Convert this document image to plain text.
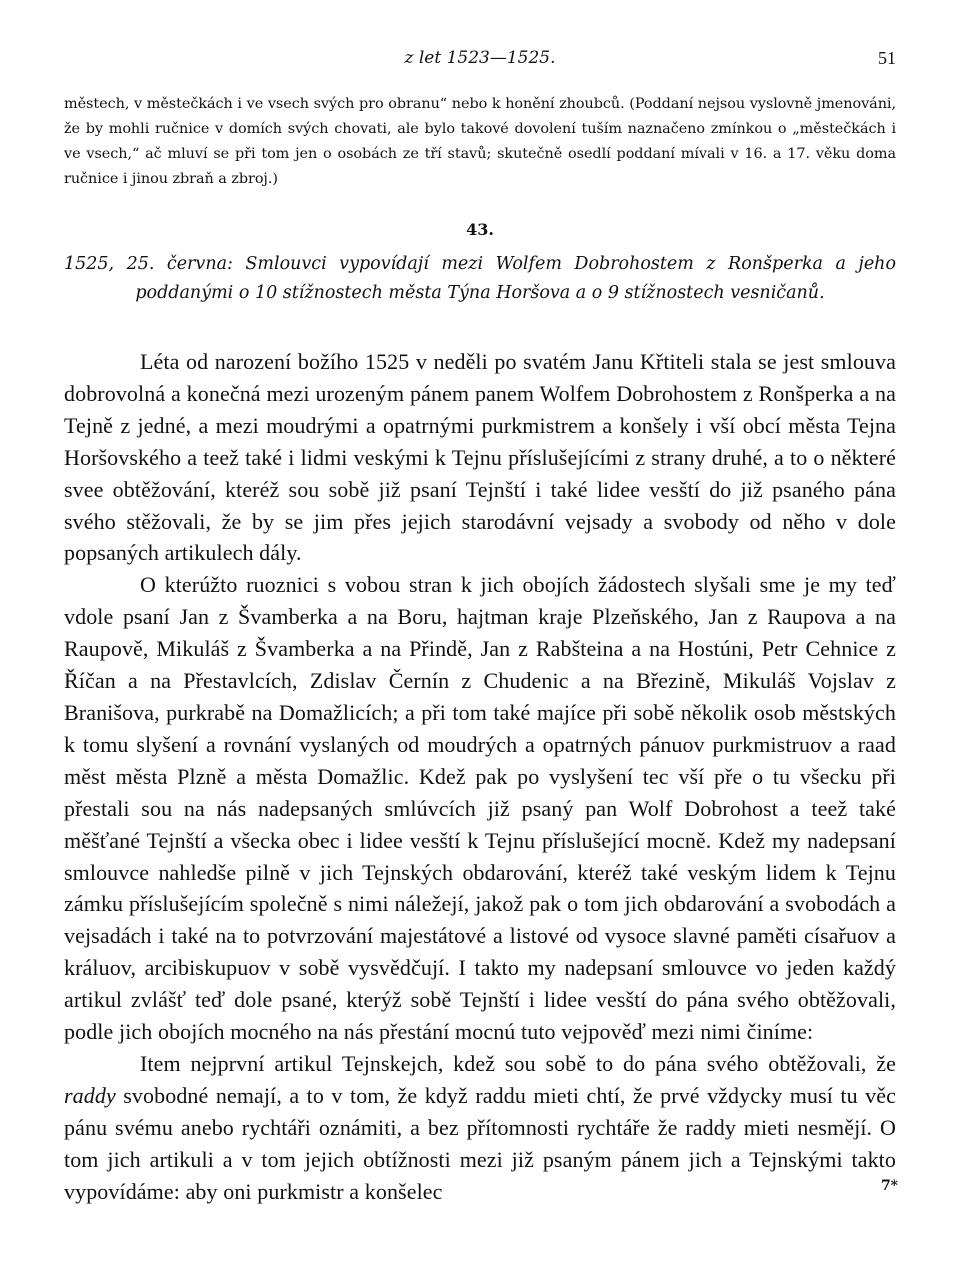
z let 1523—1525.	51
městech, v městečkách i ve vsech svých pro obranu“ nebo k honění zhoubců. (Poddaní nejsou vyslovně jmenováni, že by mohli ručnice v domích svých chovati, ale bylo takové dovolení tuším naznačeno zmínkou o „městečkách i ve vsech,“ ač mluví se při tom jen o osobách ze tří stavů; skutečně osedlí poddaní mívali v 16. a 17. věku doma ručnice i jinou zbraň a zbroj.)
43.
1525, 25. června: Smlouvci vypovídají mezi Wolfem Dobrohostem z Ronšperka a jeho poddanými o 10 stížnostech města Týna Horšova a o 9 stížnostech vesničanů.

Léta od narození božího 1525 v neděli po svatém Janu Křtiteli stala se jest smlouva dobrovolná a konečná mezi urozeným pánem panem Wolfem Dobrohostem z Ronšperka a na Tejně z jedné, a mezi moudrými a opatrnými purkmistrem a konšely i vší obcí města Tejna Horšovského a teež také i lidmi veskými k Tejnu příslušejícími z strany druhé, a to o některé svee obtěžování, kteréž sou sobě již psaní Tejnští i také lidee vesští do již psaného pána svého stěžovali, že by se jim přes jejich starodávní vejsady a svobody od něho v dole popsaných artikulech dály.

O kterúžto ruoznici s vobou stran k jich obojích žádostech slyšali sme je my teď vdole psaní Jan z Švamberka a na Boru, hajtman kraje Plzeňského, Jan z Raupova a na Raupově, Mikuláš z Švamberka a na Přindě, Jan z Rabšteina a na Hostúni, Petr Cehnice z Říčan a na Přestavlcích, Zdislav Černín z Chudenic a na Březině, Mikuláš Vojslav z Branišova, purkrabě na Domažlicích; a při tom také majíce při sobě několik osob městských k tomu slyšení a rovnání vyslaných od moudrých a opatrných pánuov purkmistruov a raad měst města Plzně a města Domažlic. Kdež pak po vyslyšení tec vší pře o tu všecku při přestali sou na nás nadepsaných smlúvcích již psaný pan Wolf Dobrohost a teež také měšťané Tejnští a všecka obec i lidee vesští k Tejnu příslušející mocně. Kdež my nadepsaní smlouvce nahledše pilně v jich Tejnských obdarování, kteréž také veským lidem k Tejnu zámku příslušejícím společně s nimi náležejí, jakož pak o tom jich obdarování a svobodách a vejsadách i také na to potvrzování majestátové a listové od vysoce slavné paměti císařuov a králuov, arcibiskupuov v sobě vysvědčují. I takto my nadepsaní smlouvce vo jeden každý artikul zvlášť teď dole psané, kterýž sobě Tejnští i lidee vesští do pána svého obtěžovali, podle jich obojích mocného na nás přestání mocnú tuto vejpověď mezi nimi činíme:

Item nejprvní artikul Tejnskejch, kdež sou sobě to do pána svého obtěžovali, že raddy svobodné nemají, a to v tom, že když raddu mieti chtí, že prvé vždycky musí tu věc pánu svému anebo rychtáři oznámiti, a bez přítomnosti rychtáře že raddy mieti nesmějí. O tom jich artikuli a v tom jejich obtížnosti mezi již psaným pánem jich a Tejnskými takto vypovídáme: aby oni purkmistr a konšelec	7*
